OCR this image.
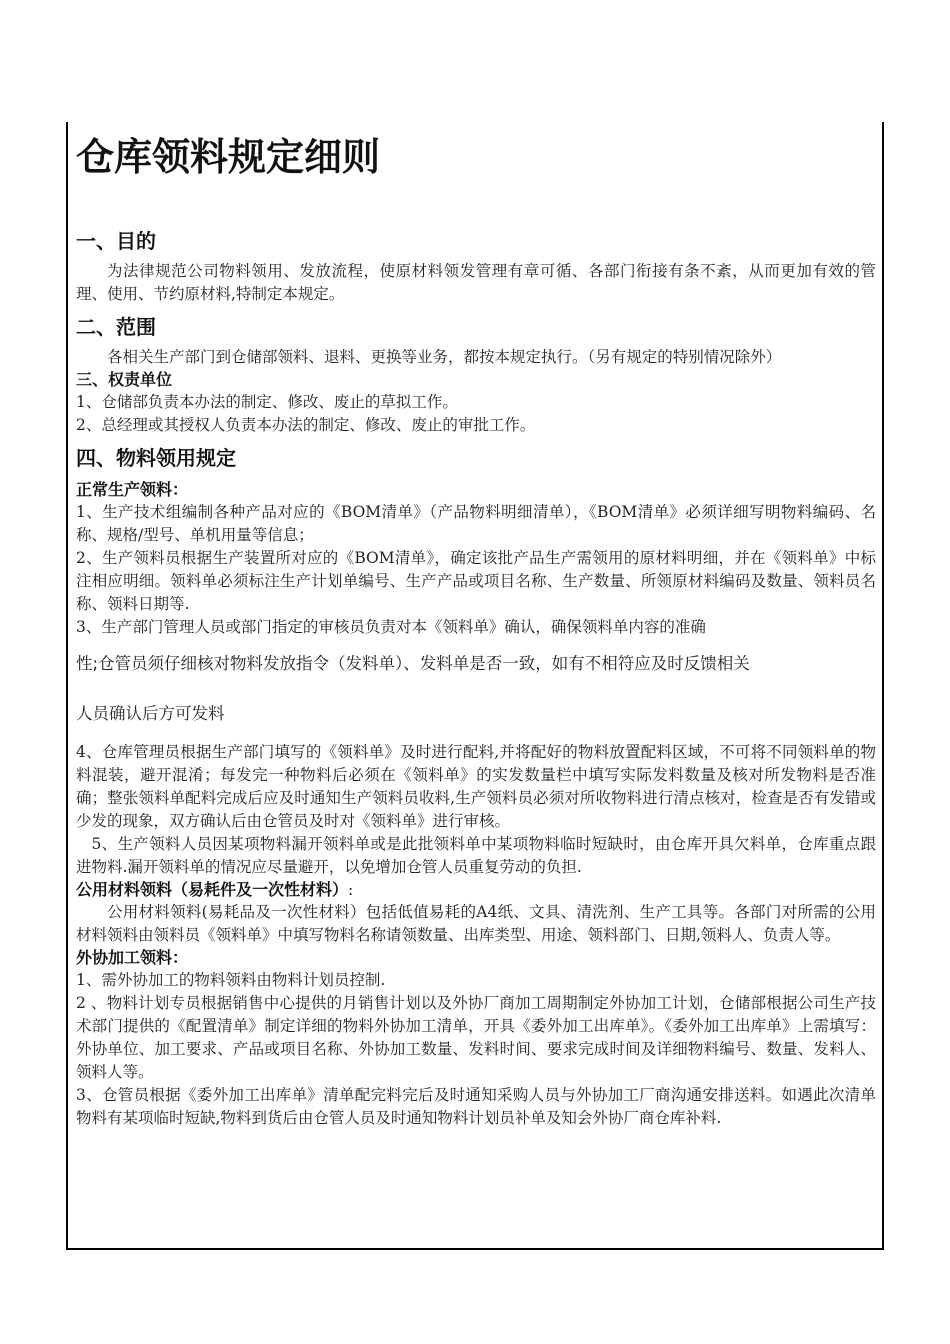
仓库领料规定细则
一、目的

为法律规范公司物料领用、发放流程，使原材料领发管理有章可循、各部门衔接有条不紊，从而更加有效的管理、使用、节约原材料,特制定本规定。

二、范围

各相关生产部门到仓储部领料、退料、更换等业务，都按本规定执行。（另有规定的特别情况除外）

三、权责单位

1、仓储部负责本办法的制定、修改、废止的草拟工作。

2、总经理或其授权人负责本办法的制定、修改、废止的审批工作。

四、物料领用规定
正常生产领料：

1、生产技术组编制各种产品对应的《BOM清单》（产品物料明细清单），《BOM清单》必须详细写明物料编码、名称、规格/型号、单机用量等信息；

2、生产领料员根据生产装置所对应的《BOM清单》，确定该批产品生产需领用的原材料明细，并在《领料单》中标注相应明细。领料单必须标注生产计划单编号、生产产品或项目名称、生产数量、所领原材料编码及数量、领料员名称、领料日期等.

3、生产部门管理人员或部门指定的审核员负责对本《领料单》确认，确保领料单内容的准确

性;仓管员须仔细核对物料发放指令（发料单）、发料单是否一致，如有不相符应及时反馈相关
人员确认后方可发料

4、仓库管理员根据生产部门填写的《领料单》及时进行配料,并将配好的物料放置配料区域，不可将不同领料单的物料混装，避开混淆；每发完一种物料后必须在《领料单》的实发数量栏中填写实际发料数量及核对所发物料是否准确；整张领料单配料完成后应及时通知生产领料员收料,生产领料员必须对所收物料进行清点核对，检查是否有发错或少发的现象，双方确认后由仓管员及时对《领料单》进行审核。

5、生产领料人员因某项物料漏开领料单或是此批领料单中某项物料临时短缺时，由仓库开具欠料单，仓库重点跟进物料.漏开领料单的情况应尽量避开，以免增加仓管人员重复劳动的负担.

公用材料领料（易耗件及一次性材料）:

公用材料领料(易耗品及一次性材料）包括低值易耗的A4纸、文具、清洗剂、生产工具等。各部门对所需的公用材料领料由领料员《领料单》中填写物料名称请领数量、出库类型、用途、领料部门、日期,领料人、负责人等。

外协加工领料：

1、需外协加工的物料领料由物料计划员控制.

2 、物料计划专员根据销售中心提供的月销售计划以及外协厂商加工周期制定外协加工计划，仓储部根据公司生产技术部门提供的《配置清单》制定详细的物料外协加工清单，开具《委外加工出库单》。《委外加工出库单》上需填写：外协单位、加工要求、产品或项目名称、外协加工数量、发料时间、要求完成时间及详细物料编号、数量、发料人、领料人等。

3、仓管员根据《委外加工出库单》清单配完料完后及时通知采购人员与外协加工厂商沟通安排送料。如遇此次清单物料有某项临时短缺,物料到货后由仓管人员及时通知物料计划员补单及知会外协厂商仓库补料.
